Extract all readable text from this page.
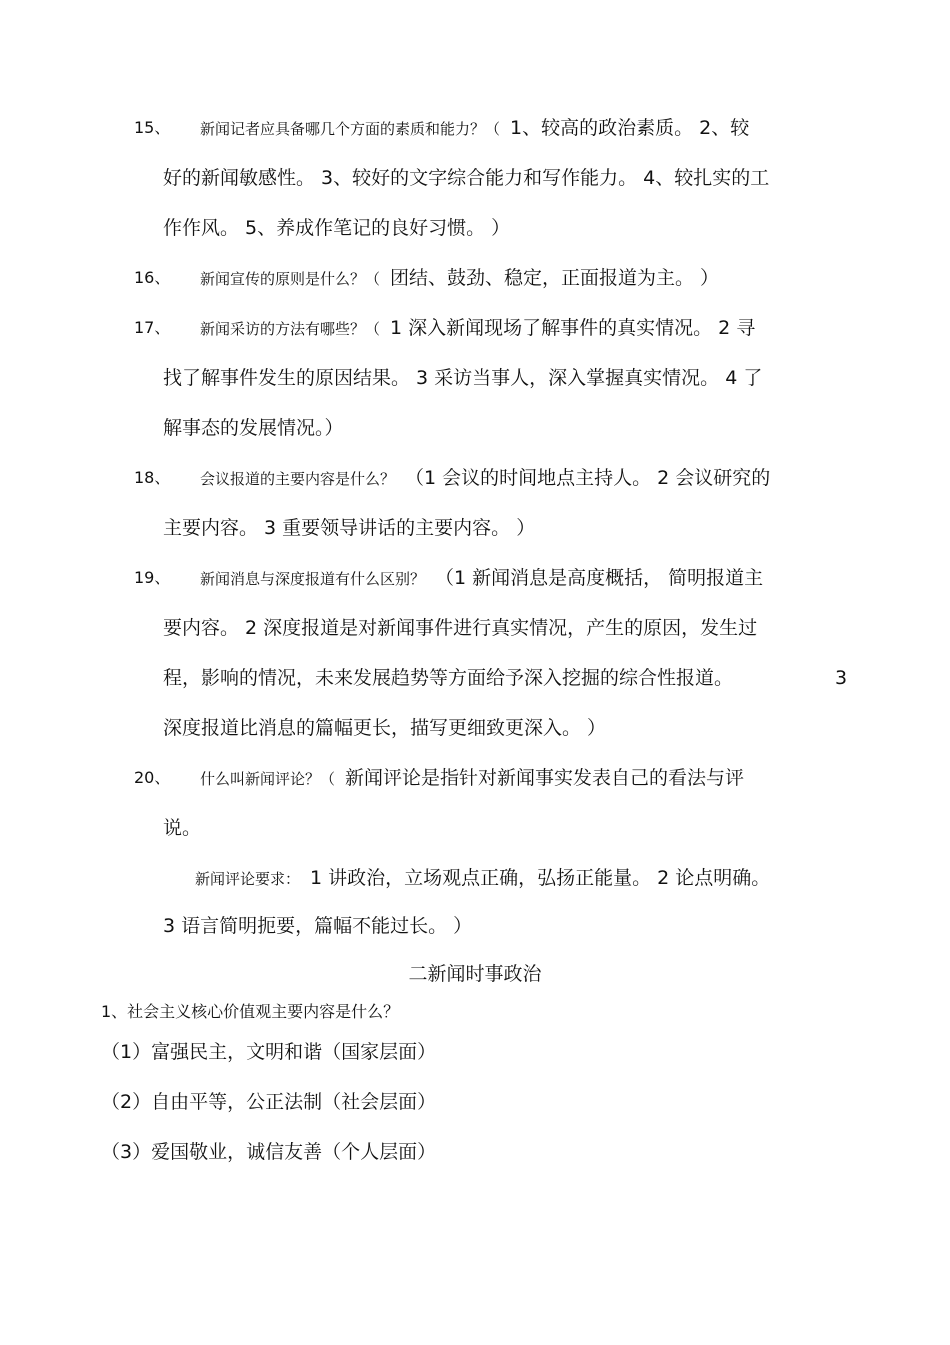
15、 新闻记者应具备哪几个方面的素质和能力？（ 1、较高的政治素质。 2、较
好的新闻敏感性。 3、较好的文字综合能力和写作能力。 4、较扎实的工
作作风。 5、养成作笔记的良好习惯。 ）
16、 新闻宣传的原则是什么？（ 团结、鼓劲、稳定，正面报道为主。 ）
17、 新闻采访的方法有哪些？（ 1 深入新闻现场了解事件的真实情况。 2 寻
找了解事件发生的原因结果。 3 采访当事人，深入掌握真实情况。 4 了
解事态的发展情况。）
18、 会议报道的主要内容是什么？ （1 会议的时间地点主持人。 2 会议研究的
主要内容。 3 重要领导讲话的主要内容。 ）
19、 新闻消息与深度报道有什么区别？ （1 新闻消息是高度概括， 简明报道主
要内容。 2 深度报道是对新闻事件进行真实情况，产生的原因，发生过
程，影响的情况，未来发展趋势等方面给予深入挖掘的综合性报道。	3
深度报道比消息的篇幅更长，描写更细致更深入。 ）
20、 什么叫新闻评论？（ 新闻评论是指针对新闻事实发表自己的看法与评
说。
新闻评论要求： 1 讲政治，立场观点正确，弘扬正能量。 2 论点明确。
3 语言简明扼要，篇幅不能过长。 ）
二新闻时事政治
1、社会主义核心价值观主要内容是什么？
（1）富强民主，文明和谐（国家层面）
（2）自由平等，公正法制（社会层面）
（3）爱国敬业，诚信友善（个人层面）
